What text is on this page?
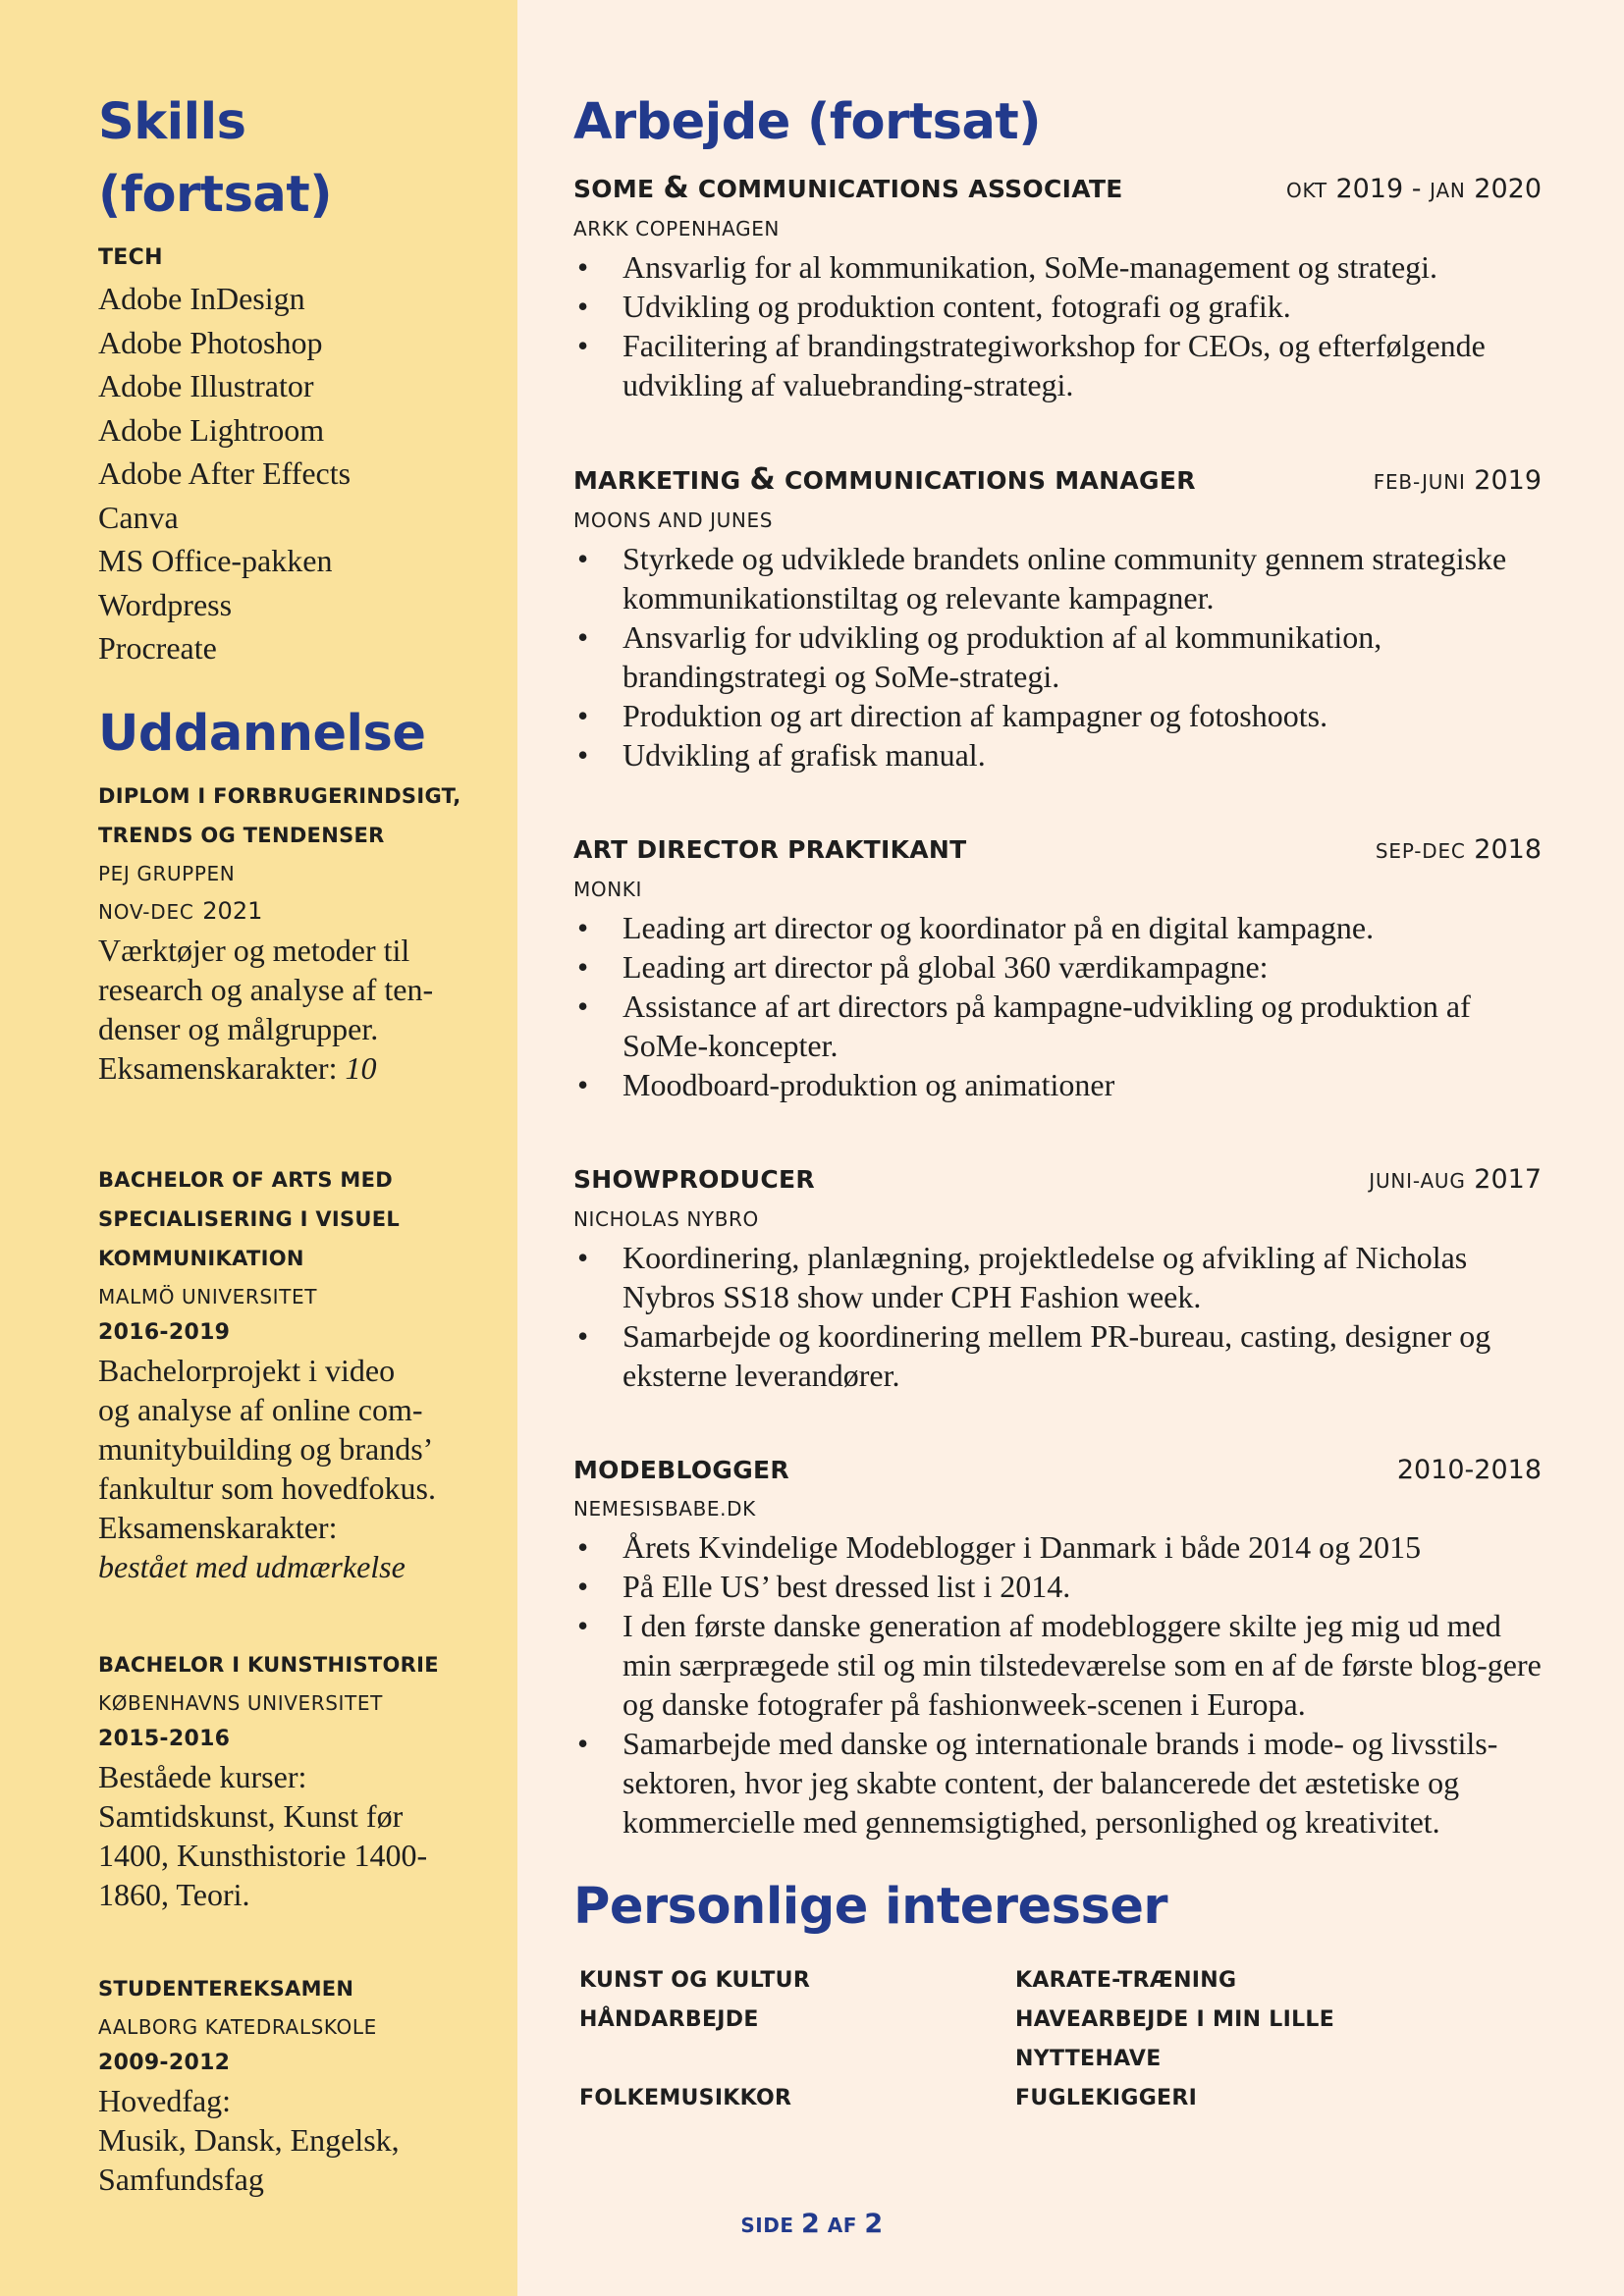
Skills (fortsat)
TECH
Adobe InDesign
Adobe Photoshop
Adobe Illustrator
Adobe Lightroom
Adobe After Effects
Canva
MS Office-pakken
Wordpress
Procreate
Uddannelse
DIPLOM I FORBRUGERINDSIGT,
TRENDS OG TENDENSER
PEJ GRUPPEN
NOV-DEC 2021
Værktøjer og metoder til
research og analyse af ten-
denser og målgrupper.
Eksamenskarakter: 10
BACHELOR OF ARTS MED
SPECIALISERING I VISUEL
KOMMUNIKATION
MALMÖ UNIVERSITET
2016-2019
Bachelorprojekt i video
og analyse af online com-
munitybuilding og brands’
fankultur som hovedfokus.
Eksamenskarakter:
bestået med udmærkelse
BACHELOR I KUNSTHISTORIE
KØBENHAVNS UNIVERSITET
2015-2016
Beståede kurser:
Samtidskunst, Kunst før
1400, Kunsthistorie 1400-
1860, Teori.
STUDENTEREKSAMEN
AALBORG KATEDRALSKOLE
2009-2012
Hovedfag:
Musik, Dansk, Engelsk,
Samfundsfag
Arbejde (fortsat)
SOME & COMMUNICATIONS ASSOCIATE	OKT 2019 - JAN 2020
ARKK COPENHAGEN
• Ansvarlig for al kommunikation, SoMe-management og strategi.
• Udvikling og produktion content, fotografi og grafik.
• Facilitering af brandingstrategiworkshop for CEOs, og efterfølgende udvikling af valuebranding-strategi.
MARKETING & COMMUNICATIONS MANAGER	FEB-JUNI 2019
MOONS AND JUNES
• Styrkede og udviklede brandets online community gennem strategiske kommunikationstiltag og relevante kampagner.
• Ansvarlig for udvikling og produktion af al kommunikation, brandingstrategi og SoMe-strategi.
• Produktion og art direction af kampagner og fotoshoots.
• Udvikling af grafisk manual.
ART DIRECTOR PRAKTIKANT	SEP-DEC 2018
MONKI
• Leading art director og koordinator på en digital kampagne.
• Leading art director på global 360 værdikampagne:
• Assistance af art directors på kampagne-udvikling og produktion af SoMe-koncepter.
• Moodboard-produktion og animationer
SHOWPRODUCER	JUNI-AUG 2017
NICHOLAS NYBRO
• Koordinering, planlægning, projektledelse og afvikling af Nicholas Nybros SS18 show under CPH Fashion week.
• Samarbejde og koordinering mellem PR-bureau, casting, designer og eksterne leverandører.
MODEBLOGGER	2010-2018
NEMESISBABE.DK
• Årets Kvindelige Modeblogger i Danmark i både 2014 og 2015
• På Elle US’ best dressed list i 2014.
• I den første danske generation af modebloggere skilte jeg mig ud med min særprægede stil og min tilstedeværelse som en af de første blog-gere og danske fotografer på fashionweek-scenen i Europa.
• Samarbejde med danske og internationale brands i mode- og livsstils-sektoren, hvor jeg skabte content, der balancerede det æstetiske og kommercielle med gennemsigtighed, personlighed og kreativitet.
Personlige interesser
KUNST OG KULTUR	KARATE-TRÆNING
HÅNDARBEJDE	HAVEARBEJDE I MIN LILLE NYTTEHAVE
FOLKEMUSIKKOR	FUGLEKIGGERI
SIDE 2 AF 2
